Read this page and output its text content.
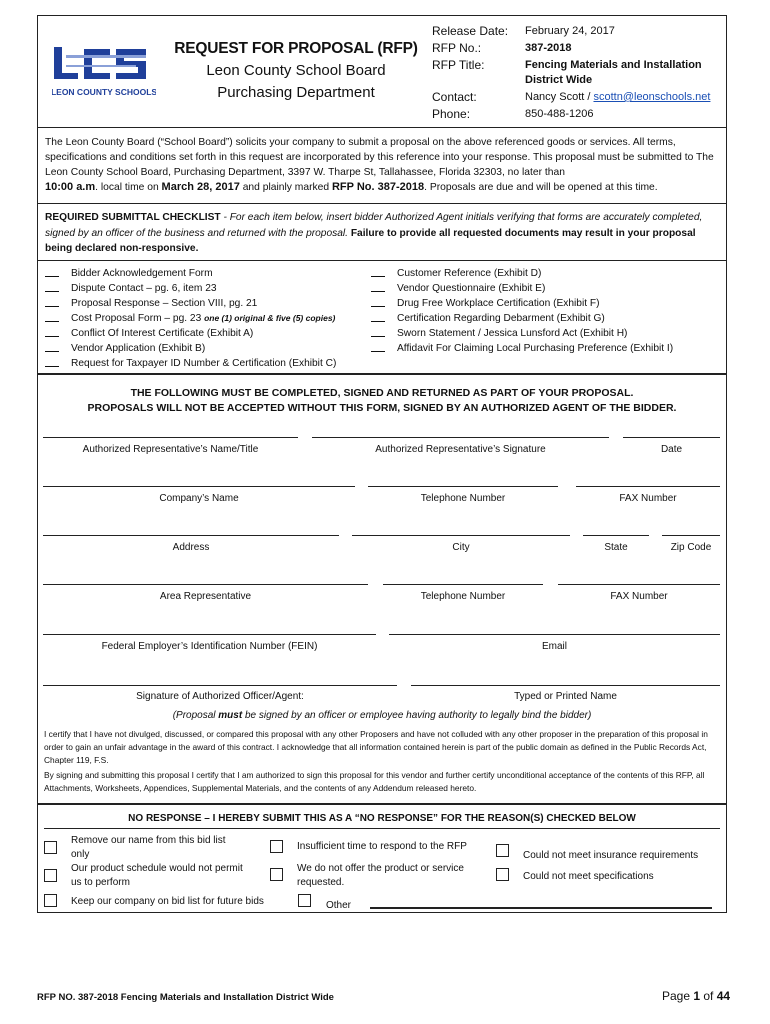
LEON COUNTY SCHOOLS
REQUEST FOR PROPOSAL (RFP)
Leon County School Board
Purchasing Department
Release Date: February 24, 2017
RFP No.:	387-2018
RFP Title:	Fencing Materials and Installation
District Wide
Contact:	Nancy Scott / scottn@leonschools.net
Phone:	850-488-1206
The Leon County Board (“School Board”) solicits your company to submit a proposal on the above referenced goods or services. All terms, specifications and conditions set forth in this request are incorporated by this reference into your response. This proposal must be submitted to The Leon County School Board, Purchasing Department, 3397 W. Tharpe St, Tallahassee, Florida 32303, no later than
10:00 a.m. local time on March 28, 2017 and plainly marked RFP No. 387-2018. Proposals are due and will be opened at this time.
REQUIRED SUBMITTAL CHECKLIST - For each item below, insert bidder Authorized Agent initials verifying that forms are accurately completed, signed by an officer of the business and returned with the proposal. Failure to provide all requested documents may result in your proposal being declared non-responsive.
Bidder Acknowledgement Form
Dispute Contact – pg. 6, item 23
Proposal Response – Section VIII, pg. 21
Cost Proposal Form – pg. 23 one (1) original & five (5) copies)
Conflict Of Interest Certificate (Exhibit A)
Vendor Application (Exhibit B)
Request for Taxpayer ID Number & Certification (Exhibit C)
Customer Reference (Exhibit D)
Vendor Questionnaire (Exhibit E)
Drug Free Workplace Certification (Exhibit F)
Certification Regarding Debarment (Exhibit G)
Sworn Statement / Jessica Lunsford Act (Exhibit H)
Affidavit For Claiming Local Purchasing Preference (Exhibit I)
THE FOLLOWING MUST BE COMPLETED, SIGNED AND RETURNED AS PART OF YOUR PROPOSAL.
PROPOSALS WILL NOT BE ACCEPTED WITHOUT THIS FORM, SIGNED BY AN AUTHORIZED AGENT OF THE BIDDER.
Authorized Representative’s Name/Title	Authorized Representative’s Signature	Date
Company’s Name	Telephone Number	FAX Number
Address	City	State	Zip Code
Area Representative	Telephone Number	FAX Number
Federal Employer’s Identification Number (FEIN)	Email
Signature of Authorized Officer/Agent:	Typed or Printed Name
(Proposal must be signed by an officer or employee having authority to legally bind the bidder)
I certify that I have not divulged, discussed, or compared this proposal with any other Proposers and have not colluded with any other proposer in the preparation of this proposal in order to gain an unfair advantage in the award of this contract. I acknowledge that all information contained herein is part of the public domain as defined in the Public Records Act, Chapter 119, F.S.
By signing and submitting this proposal I certify that I am authorized to sign this proposal for this vendor and further certify unconditional acceptance of the contents of this RFP, all Attachments, Worksheets, Appendices, Supplemental Materials, and the contents of any Addendum released hereto.
NO RESPONSE – I HEREBY SUBMIT THIS AS A “NO RESPONSE” FOR THE REASON(S) CHECKED BELOW
Remove our name from this bid list
only
Our product schedule would not permit
us to perform
Keep our company on bid list for future bids
Insufficient time to respond to the RFP
We do not offer the product or service
requested.
Other
Could not meet insurance requirements
Could not meet specifications
RFP NO. 387-2018 Fencing Materials and Installation District Wide	Page 1 of 44
